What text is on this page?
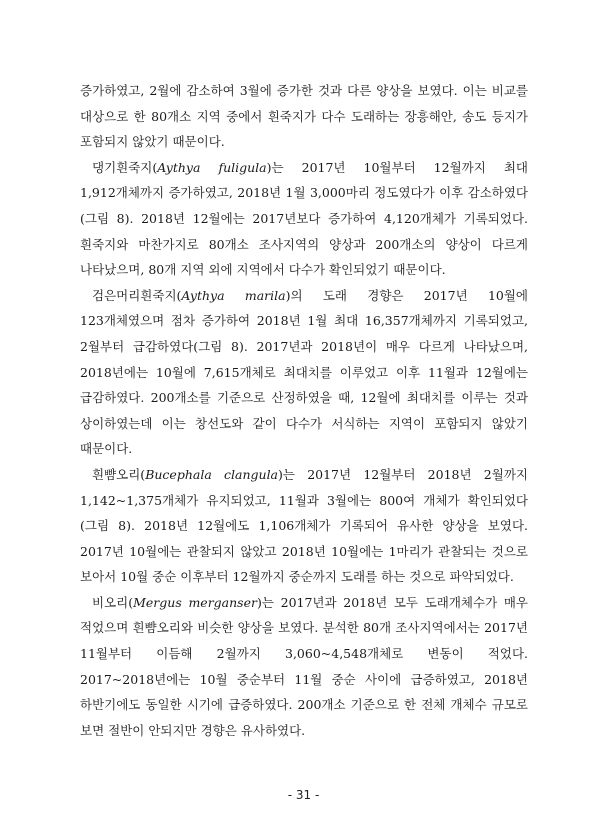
증가하였고, 2월에 감소하여 3월에 증가한 것과 다른 양상을 보였다. 이는 비교를 대상으로 한 80개소 지역 중에서 흰죽지가 다수 도래하는 장흥해안, 송도 등지가 포함되지 않았기 때문이다.

댕기흰죽지(Aythya fuligula)는 2017년 10월부터 12월까지 최대 1,912개체까지 증가하였고, 2018년 1월 3,000마리 정도였다가 이후 감소하였다(그림 8). 2018년 12월에는 2017년보다 증가하여 4,120개체가 기록되었다. 흰죽지와 마찬가지로 80개소 조사지역의 양상과 200개소의 양상이 다르게 나타났으며, 80개 지역 외에 지역에서 다수가 확인되었기 때문이다.

검은머리흰죽지(Aythya marila)의 도래 경향은 2017년 10월에 123개체였으며 점차 증가하여 2018년 1월 최대 16,357개체까지 기록되었고, 2월부터 급감하였다(그림 8). 2017년과 2018년이 매우 다르게 나타났으며, 2018년에는 10월에 7,615개체로 최대치를 이루었고 이후 11월과 12월에는 급감하였다. 200개소를 기준으로 산정하였을 때, 12월에 최대치를 이루는 것과 상이하였는데 이는 창선도와 같이 다수가 서식하는 지역이 포함되지 않았기 때문이다.

흰뺨오리(Bucephala clangula)는 2017년 12월부터 2018년 2월까지 1,142~1,375개체가 유지되었고, 11월과 3월에는 800여 개체가 확인되었다(그림 8). 2018년 12월에도 1,106개체가 기록되어 유사한 양상을 보였다. 2017년 10월에는 관찰되지 않았고 2018년 10월에는 1마리가 관찰되는 것으로 보아서 10월 중순 이후부터 12월까지 중순까지 도래를 하는 것으로 파악되었다.

비오리(Mergus merganser)는 2017년과 2018년 모두 도래개체수가 매우 적었으며 흰뺨오리와 비슷한 양상을 보였다. 분석한 80개 조사지역에서는 2017년 11월부터 이듬해 2월까지 3,060~4,548개체로 변동이 적었다. 2017~2018년에는 10월 중순부터 11월 중순 사이에 급증하였고, 2018년 하반기에도 동일한 시기에 급증하였다. 200개소 기준으로 한 전체 개체수 규모로 보면 절반이 안되지만 경향은 유사하였다.

- 31 -
